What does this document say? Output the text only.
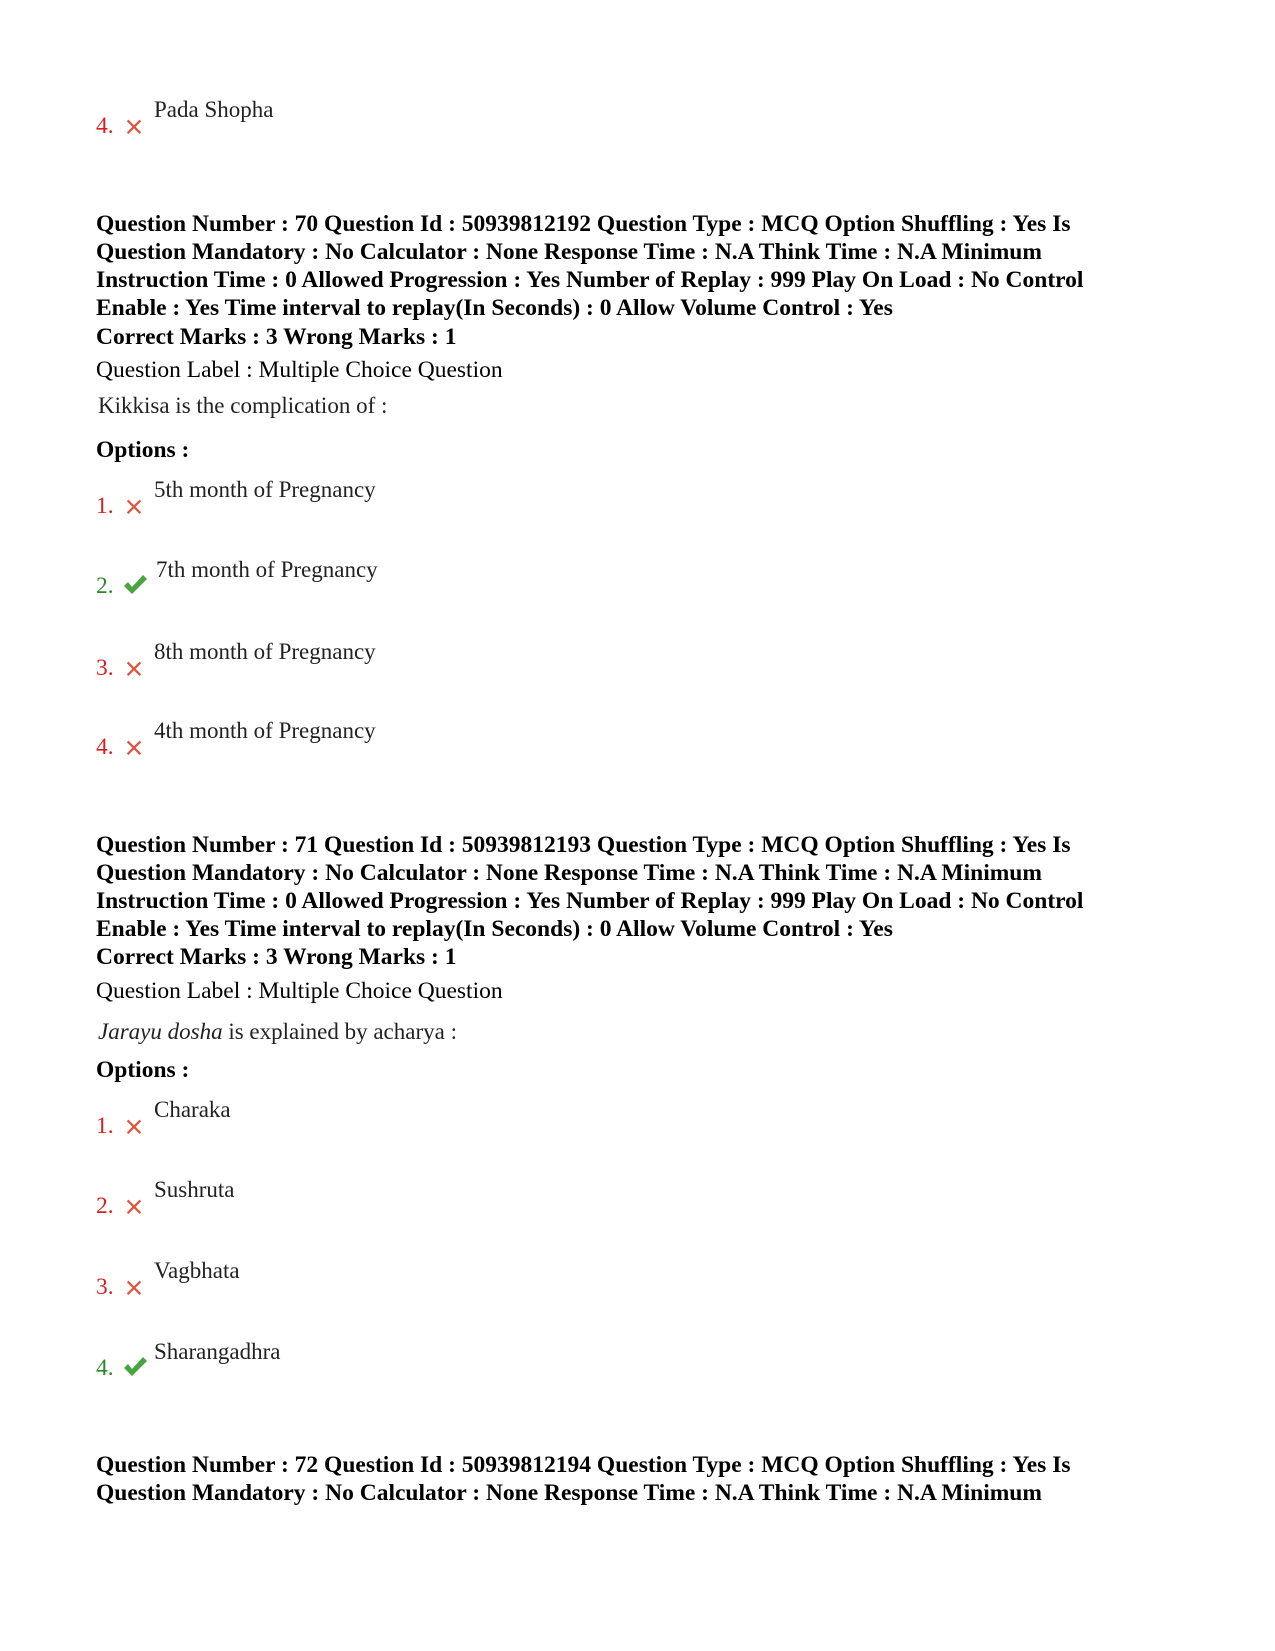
4.
Pada Shopha
Question Number : 70 Question Id : 50939812192 Question Type : MCQ Option Shuffling : Yes Is
Question Mandatory : No Calculator : None Response Time : N.A Think Time : N.A Minimum
Instruction Time : 0 Allowed Progression : Yes Number of Replay : 999 Play On Load : No Control
Enable : Yes Time interval to replay(In Seconds) : 0 Allow Volume Control : Yes
Correct Marks : 3 Wrong Marks : 1
Question Label : Multiple Choice Question
Kikkisa is the complication of :
Options :
1.
5th month of Pregnancy
2.
7th month of Pregnancy
3.
8th month of Pregnancy
4.
4th month of Pregnancy
Question Number : 71 Question Id : 50939812193 Question Type : MCQ Option Shuffling : Yes Is
Question Mandatory : No Calculator : None Response Time : N.A Think Time : N.A Minimum
Instruction Time : 0 Allowed Progression : Yes Number of Replay : 999 Play On Load : No Control
Enable : Yes Time interval to replay(In Seconds) : 0 Allow Volume Control : Yes
Correct Marks : 3 Wrong Marks : 1
Question Label : Multiple Choice Question
Jarayu dosha is explained by acharya :
Options :
1.
Charaka
2.
Sushruta
3.
Vagbhata
4.
Sharangadhra
Question Number : 72 Question Id : 50939812194 Question Type : MCQ Option Shuffling : Yes Is
Question Mandatory : No Calculator : None Response Time : N.A Think Time : N.A Minimum
